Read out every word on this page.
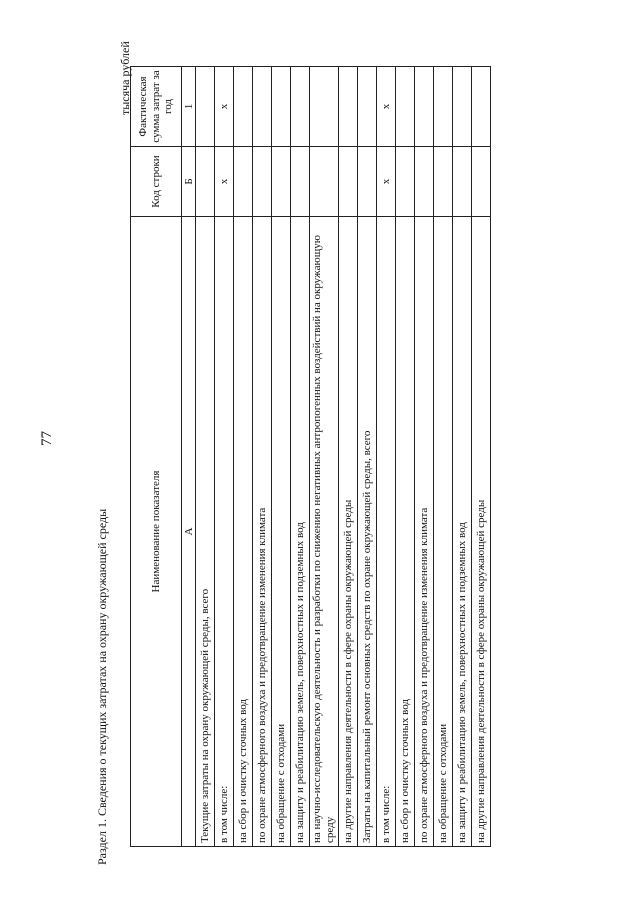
77
Раздел 1. Сведения о текущих затратах на охрану окружающей среды
тысяча рублей
Наименование показателя	Код строки	Фактическая сумма затрат за год
А	Б	1
Текущие затраты на охрану окружающей среды, всего		
в том числе:	х	х
на сбор и очистку сточных вод		
по охране атмосферного воздуха и предотвращение изменения климата		
на обращение с отходами		
на защиту и реабилитацию земель, поверхностных и подземных вод		
на научно-исследовательскую деятельность и разработки по снижению негативных антропогенных воздействий на окружающую среду		
на другие направления деятельности в сфере охраны окружающей среды		
Затраты на капитальный ремонт основных средств по охране окружающей среды, всего		
в том числе:	х	х
на сбор и очистку сточных вод		
по охране атмосферного воздуха и предотвращение изменения климата		
на обращение с отходами		
на защиту и реабилитацию земель, поверхностных и подземных вод		
на другие направления деятельности в сфере охраны окружающей среды		
